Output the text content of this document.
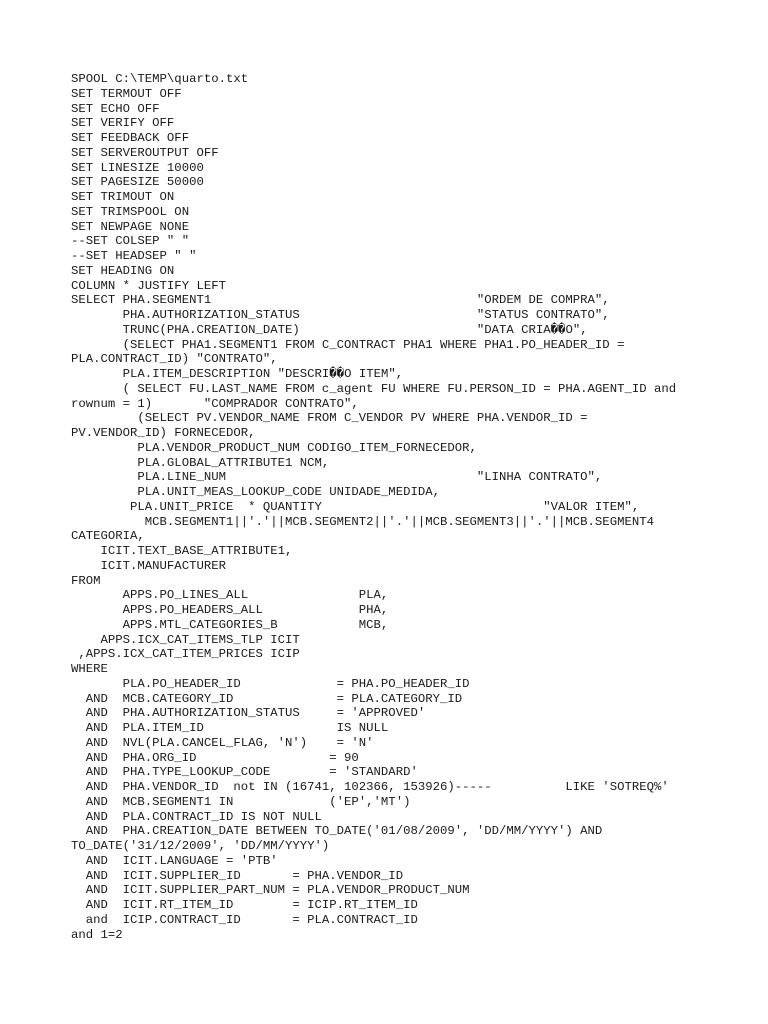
SPOOL C:\TEMP\quarto.txt
SET TERMOUT OFF
SET ECHO OFF
SET VERIFY OFF
SET FEEDBACK OFF
SET SERVEROUTPUT OFF
SET LINESIZE 10000
SET PAGESIZE 50000
SET TRIMOUT ON
SET TRIMSPOOL ON
SET NEWPAGE NONE
--SET COLSEP " "
--SET HEADSEP " "
SET HEADING ON
COLUMN * JUSTIFY LEFT
SELECT PHA.SEGMENT1                                    "ORDEM DE COMPRA",
PHA.AUTHORIZATION_STATUS                        "STATUS CONTRATO",
TRUNC(PHA.CREATION_DATE)                        "DATA CRIA��O",
(SELECT PHA1.SEGMENT1 FROM C_CONTRACT PHA1 WHERE PHA1.PO_HEADER_ID =
PLA.CONTRACT_ID) "CONTRATO",
PLA.ITEM_DESCRIPTION "DESCRI��O ITEM",
( SELECT FU.LAST_NAME FROM c_agent FU WHERE FU.PERSON_ID = PHA.AGENT_ID and
rownum = 1)       "COMPRADOR CONTRATO",
(SELECT PV.VENDOR_NAME FROM C_VENDOR PV WHERE PHA.VENDOR_ID =
PV.VENDOR_ID) FORNECEDOR,
PLA.VENDOR_PRODUCT_NUM CODIGO_ITEM_FORNECEDOR,
PLA.GLOBAL_ATTRIBUTE1 NCM,
PLA.LINE_NUM                                  "LINHA CONTRATO",
PLA.UNIT_MEAS_LOOKUP_CODE UNIDADE_MEDIDA,
PLA.UNIT_PRICE  * QUANTITY                              "VALOR ITEM",
MCB.SEGMENT1||'.'||MCB.SEGMENT2||'.'||MCB.SEGMENT3||'.'||MCB.SEGMENT4
CATEGORIA,
ICIT.TEXT_BASE_ATTRIBUTE1,
ICIT.MANUFACTURER
FROM
APPS.PO_LINES_ALL               PLA,
APPS.PO_HEADERS_ALL             PHA,
APPS.MTL_CATEGORIES_B           MCB,
APPS.ICX_CAT_ITEMS_TLP ICIT
,APPS.ICX_CAT_ITEM_PRICES ICIP
WHERE
PLA.PO_HEADER_ID             = PHA.PO_HEADER_ID
AND  MCB.CATEGORY_ID              = PLA.CATEGORY_ID
AND  PHA.AUTHORIZATION_STATUS     = 'APPROVED'
AND  PLA.ITEM_ID                  IS NULL
AND  NVL(PLA.CANCEL_FLAG, 'N')    = 'N'
AND  PHA.ORG_ID                  = 90
AND  PHA.TYPE_LOOKUP_CODE        = 'STANDARD'
AND  PHA.VENDOR_ID  not IN (16741, 102366, 153926)-----          LIKE 'SOTREQ%'
AND  MCB.SEGMENT1 IN             ('EP','MT')
AND  PLA.CONTRACT_ID IS NOT NULL
AND  PHA.CREATION_DATE BETWEEN TO_DATE('01/08/2009', 'DD/MM/YYYY') AND
TO_DATE('31/12/2009', 'DD/MM/YYYY')
AND  ICIT.LANGUAGE = 'PTB'
AND  ICIT.SUPPLIER_ID       = PHA.VENDOR_ID
AND  ICIT.SUPPLIER_PART_NUM = PLA.VENDOR_PRODUCT_NUM
AND  ICIT.RT_ITEM_ID        = ICIP.RT_ITEM_ID
and  ICIP.CONTRACT_ID       = PLA.CONTRACT_ID
and 1=2
